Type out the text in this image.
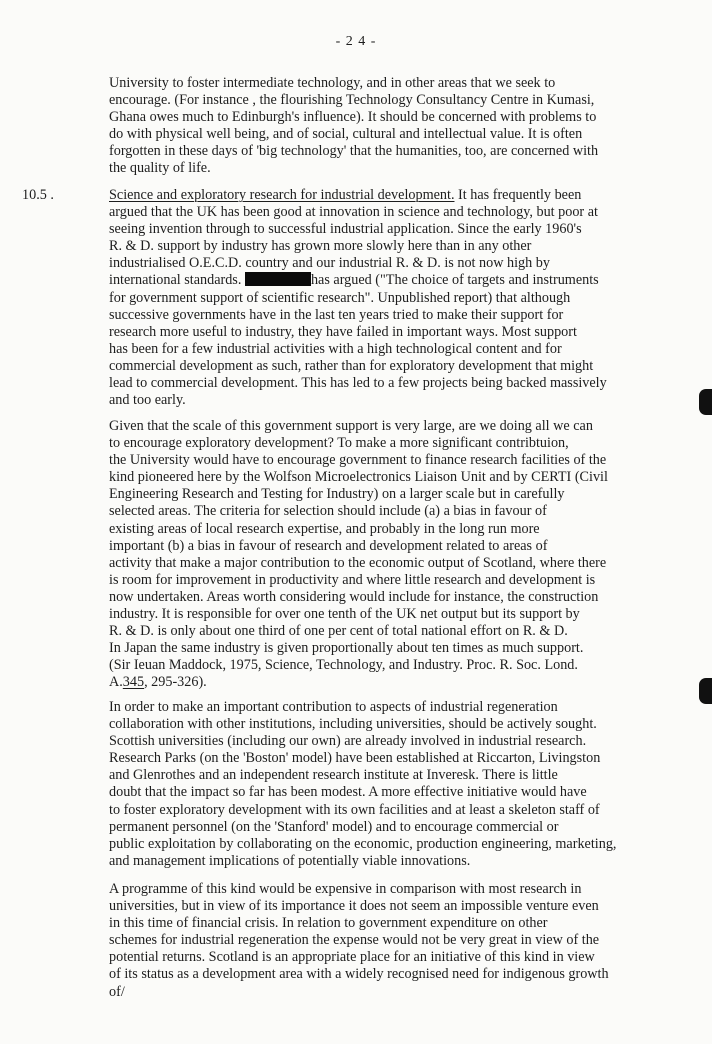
- 2 4 -
University to foster intermediate technology, and in other areas that we seek to
encourage. (For instance , the flourishing Technology Consultancy Centre in Kumasi,
Ghana owes much to Edinburgh's influence). It should be concerned with problems to
do with physical well being, and of social, cultural and intellectual value. It is often
forgotten in these days of 'big technology' that the humanities, too, are concerned with
the quality of life.
10.5 .	Science and exploratory research for industrial development. It has frequently been
argued that the UK has been good at innovation in science and technology, but poor at
seeing invention through to successful industrial application. Since the early 1960's
R. & D. support by industry has grown more slowly here than in any other
industrialised O.E.C.D. country and our industrial R. & D. is not now high by
international standards.	has argued ("The choice of targets and instruments
for government support of scientific research". Unpublished report) that although
successive governments have in the last ten years tried to make their support for
research more useful to industry, they have failed in important ways. Most support
has been for a few industrial activities with a high technological content and for
commercial development as such, rather than for exploratory development that might
lead to commercial development. This has led to a few projects being backed massively
and too early.
Given that the scale of this government support is very large, are we doing all we can
to encourage exploratory development? To make a more significant contribtuion,
the University would have to encourage government to finance research facilities of the
kind pioneered here by the Wolfson Microelectronics Liaison Unit and by CERTI (Civil
Engineering Research and Testing for Industry) on a larger scale but in carefully
selected areas. The criteria for selection should include (a) a bias in favour of
existing areas of local research expertise, and probably in the long run more
important (b) a bias in favour of research and development related to areas of
activity that make a major contribution to the economic output of Scotland, where there
is room for improvement in productivity and where little research and development is
now undertaken. Areas worth considering would include for instance, the construction
industry. It is responsible for over one tenth of the UK net output but its support by
R. & D. is only about one third of one per cent of total national effort on R. & D.
In Japan the same industry is given proportionally about ten times as much support.
(Sir Ieuan Maddock, 1975, Science, Technology, and Industry. Proc. R. Soc. Lond.
A.345, 295-326).
In order to make an important contribution to aspects of industrial regeneration
collaboration with other institutions, including universities, should be actively sought.
Scottish universities (including our own) are already involved in industrial research.
Research Parks (on the 'Boston' model) have been established at Riccarton, Livingston
and Glenrothes and an independent research institute at Inveresk. There is little
doubt that the impact so far has been modest. A more effective initiative would have
to foster exploratory development with its own facilities and at least a skeleton staff of
permanent personnel (on the 'Stanford' model) and to encourage commercial or
public exploitation by collaborating on the economic, production engineering, marketing,
and management implications of potentially viable innovations.
A programme of this kind would be expensive in comparison with most research in
universities, but in view of its importance it does not seem an impossible venture even
in this time of financial crisis. In relation to government expenditure on other
schemes for industrial regeneration the expense would not be very great in view of the
potential returns. Scotland is an appropriate place for an initiative of this kind in view
of its status as a development area with a widely recognised need for indigenous growth
of/
